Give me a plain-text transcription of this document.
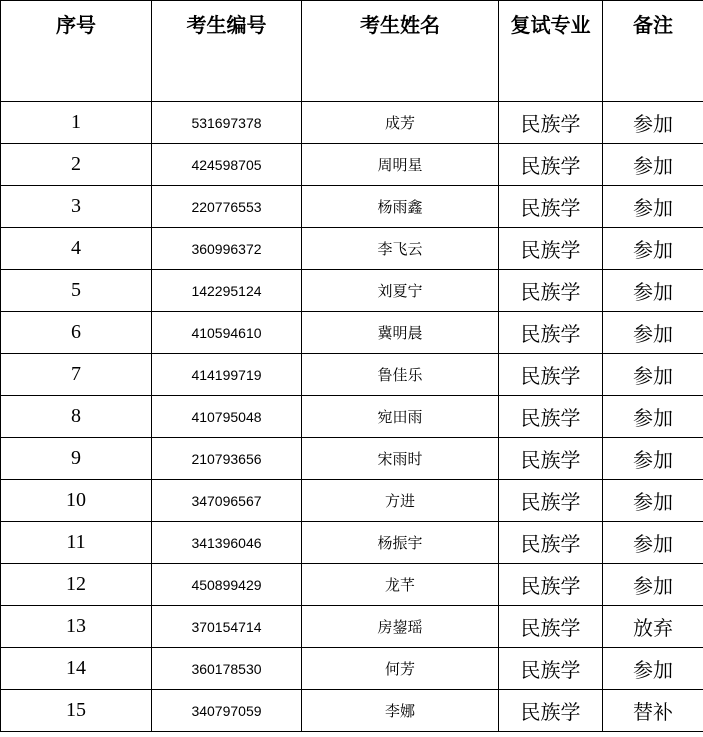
序号	考生编号	考生姓名	复试专业	备注
1	531697378	成芳	民族学	参加
2	424598705	周明星	民族学	参加
3	220776553	杨雨鑫	民族学	参加
4	360996372	李飞云	民族学	参加
5	142295124	刘夏宁	民族学	参加
6	410594610	冀明晨	民族学	参加
7	414199719	鲁佳乐	民族学	参加
8	410795048	宛田雨	民族学	参加
9	210793656	宋雨时	民族学	参加
10	347096567	方进	民族学	参加
11	341396046	杨振宇	民族学	参加
12	450899429	龙芊	民族学	参加
13	370154714	房鋆瑶	民族学	放弃
14	360178530	何芳	民族学	参加
15	340797059	李娜	民族学	替补
